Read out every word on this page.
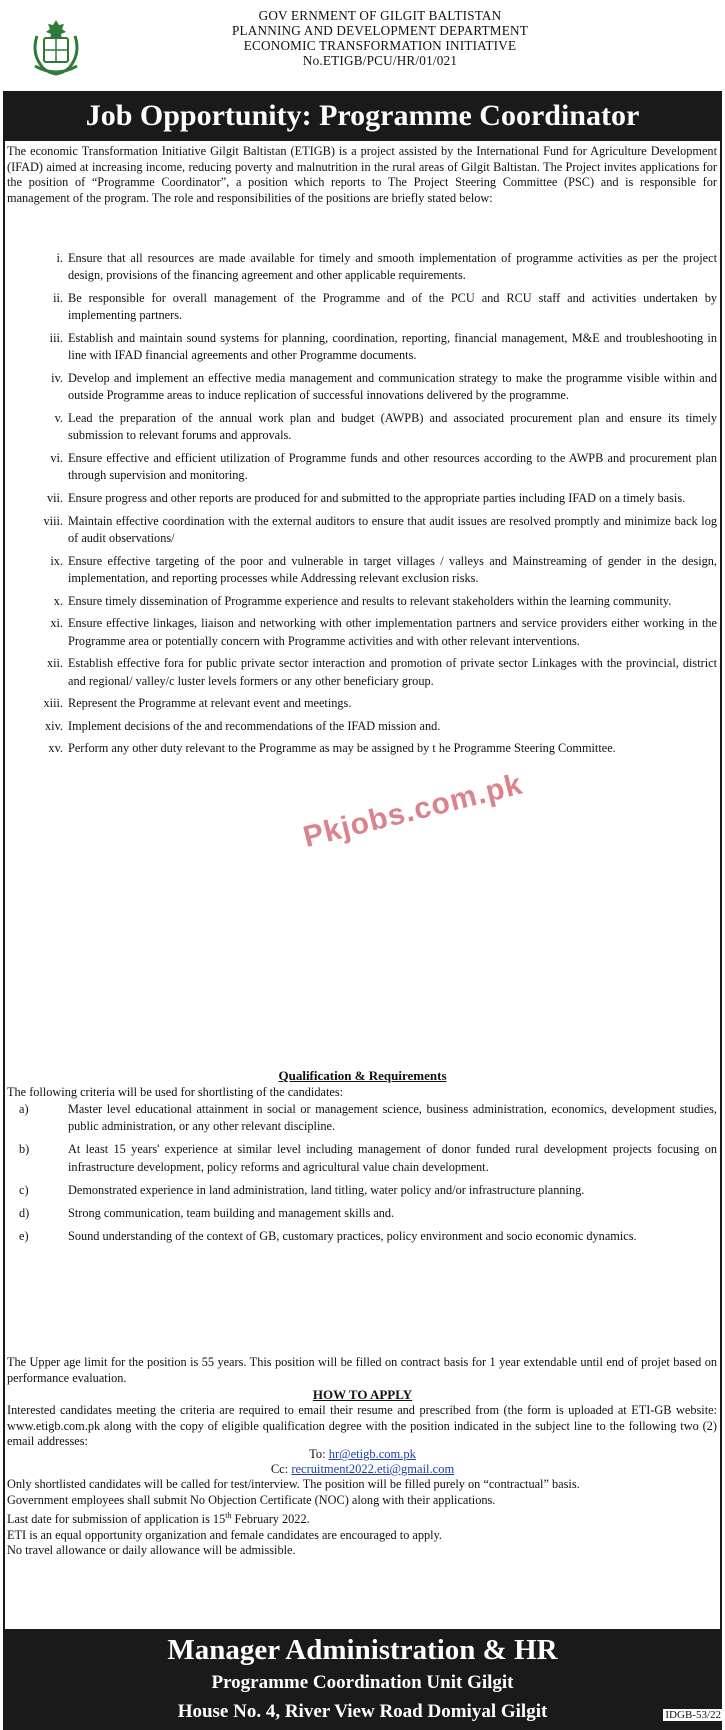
GOV ERNMENT OF GILGIT BALTISTAN
PLANNING AND DEVELOPMENT DEPARTMENT
ECONOMIC TRANSFORMATION INITIATIVE
No.ETIGB/PCU/HR/01/021
Job Opportunity: Programme Coordinator
The economic Transformation Initiative Gilgit Baltistan (ETIGB) is a project assisted by the International Fund for Agriculture Development (IFAD) aimed at increasing income, reducing poverty and malnutrition in the rural areas of Gilgit Baltistan. The Project invites applications for the position of “Programme Coordinator”, a position which reports to The Project Steering Committee (PSC) and is responsible for management of the program. The role and responsibilities of the positions are briefly stated below:
i. Ensure that all resources are made available for timely and smooth implementation of programme activities as per the project design, provisions of the financing agreement and other applicable requirements.
ii. Be responsible for overall management of the Programme and of the PCU and RCU staff and activities undertaken by implementing partners.
iii. Establish and maintain sound systems for planning, coordination, reporting, financial management, M&E and troubleshooting in line with IFAD financial agreements and other Programme documents.
iv. Develop and implement an effective media management and communication strategy to make the programme visible within and outside Programme areas to induce replication of successful innovations delivered by the programme.
v. Lead the preparation of the annual work plan and budget (AWPB) and associated procurement plan and ensure its timely submission to relevant forums and approvals.
vi. Ensure effective and efficient utilization of Programme funds and other resources according to the AWPB and procurement plan through supervision and monitoring.
vii. Ensure progress and other reports are produced for and submitted to the appropriate parties including IFAD on a timely basis.
viii. Maintain effective coordination with the external auditors to ensure that audit issues are resolved promptly and minimize back log of audit observations/
ix. Ensure effective targeting of the poor and vulnerable in target villages / valleys and Mainstreaming of gender in the design, implementation, and reporting processes while Addressing relevant exclusion risks.
x. Ensure timely dissemination of Programme experience and results to relevant stakeholders within the learning community.
xi. Ensure effective linkages, liaison and networking with other implementation partners and service providers either working in the Programme area or potentially concern with Programme activities and with other relevant interventions.
xii. Establish effective fora for public private sector interaction and promotion of private sector Linkages with the provincial, district and regional/ valley/c luster levels formers or any other beneficiary group.
xiii. Represent the Programme at relevant event and meetings.
xiv. Implement decisions of the and recommendations of the IFAD mission and.
xv. Perform any other duty relevant to the Programme as may be assigned by t he Programme Steering Committee.
Qualification & Requirements
The following criteria will be used for shortlisting of the candidates:
a)	Master level educational attainment in social or management science, business administration, economics, development studies, public administration, or any other relevant discipline.
b)	At least 15 years' experience at similar level including management of donor funded rural development projects focusing on infrastructure development, policy reforms and agricultural value chain development.
c)	Demonstrated experience in land administration, land titling, water policy and/or infrastructure planning.
d)	Strong communication, team building and management skills and.
e)	Sound understanding of the context of GB, customary practices, policy environment and socio economic dynamics.
The Upper age limit for the position is 55 years. This position will be filled on contract basis for 1 year extendable until end of projet based on performance evaluation.
HOW TO APPLY
Interested candidates meeting the criteria are required to email their resume and prescribed from (the form is uploaded at ETI-GB website: www.etigb.com.pk along with the copy of eligible qualification degree with the position indicated in the subject line to the following two (2) email addresses:
To: hr@etigb.com.pk
Cc: recruitment2022.eti@gmail.com
Only shortlisted candidates will be called for test/interview. The position will be filled purely on “contractual” basis.
Government employees shall submit No Objection Certificate (NOC) along with their applications.
Last date for submission of application is 15th February 2022.
ETI is an equal opportunity organization and female candidates are encouraged to apply.
No travel allowance or daily allowance will be admissible.
Pkjobs.com.pk
Manager Administration & HR
Programme Coordination Unit Gilgit
House No. 4, River View Road Domiyal Gilgit	IDGB-53/22
